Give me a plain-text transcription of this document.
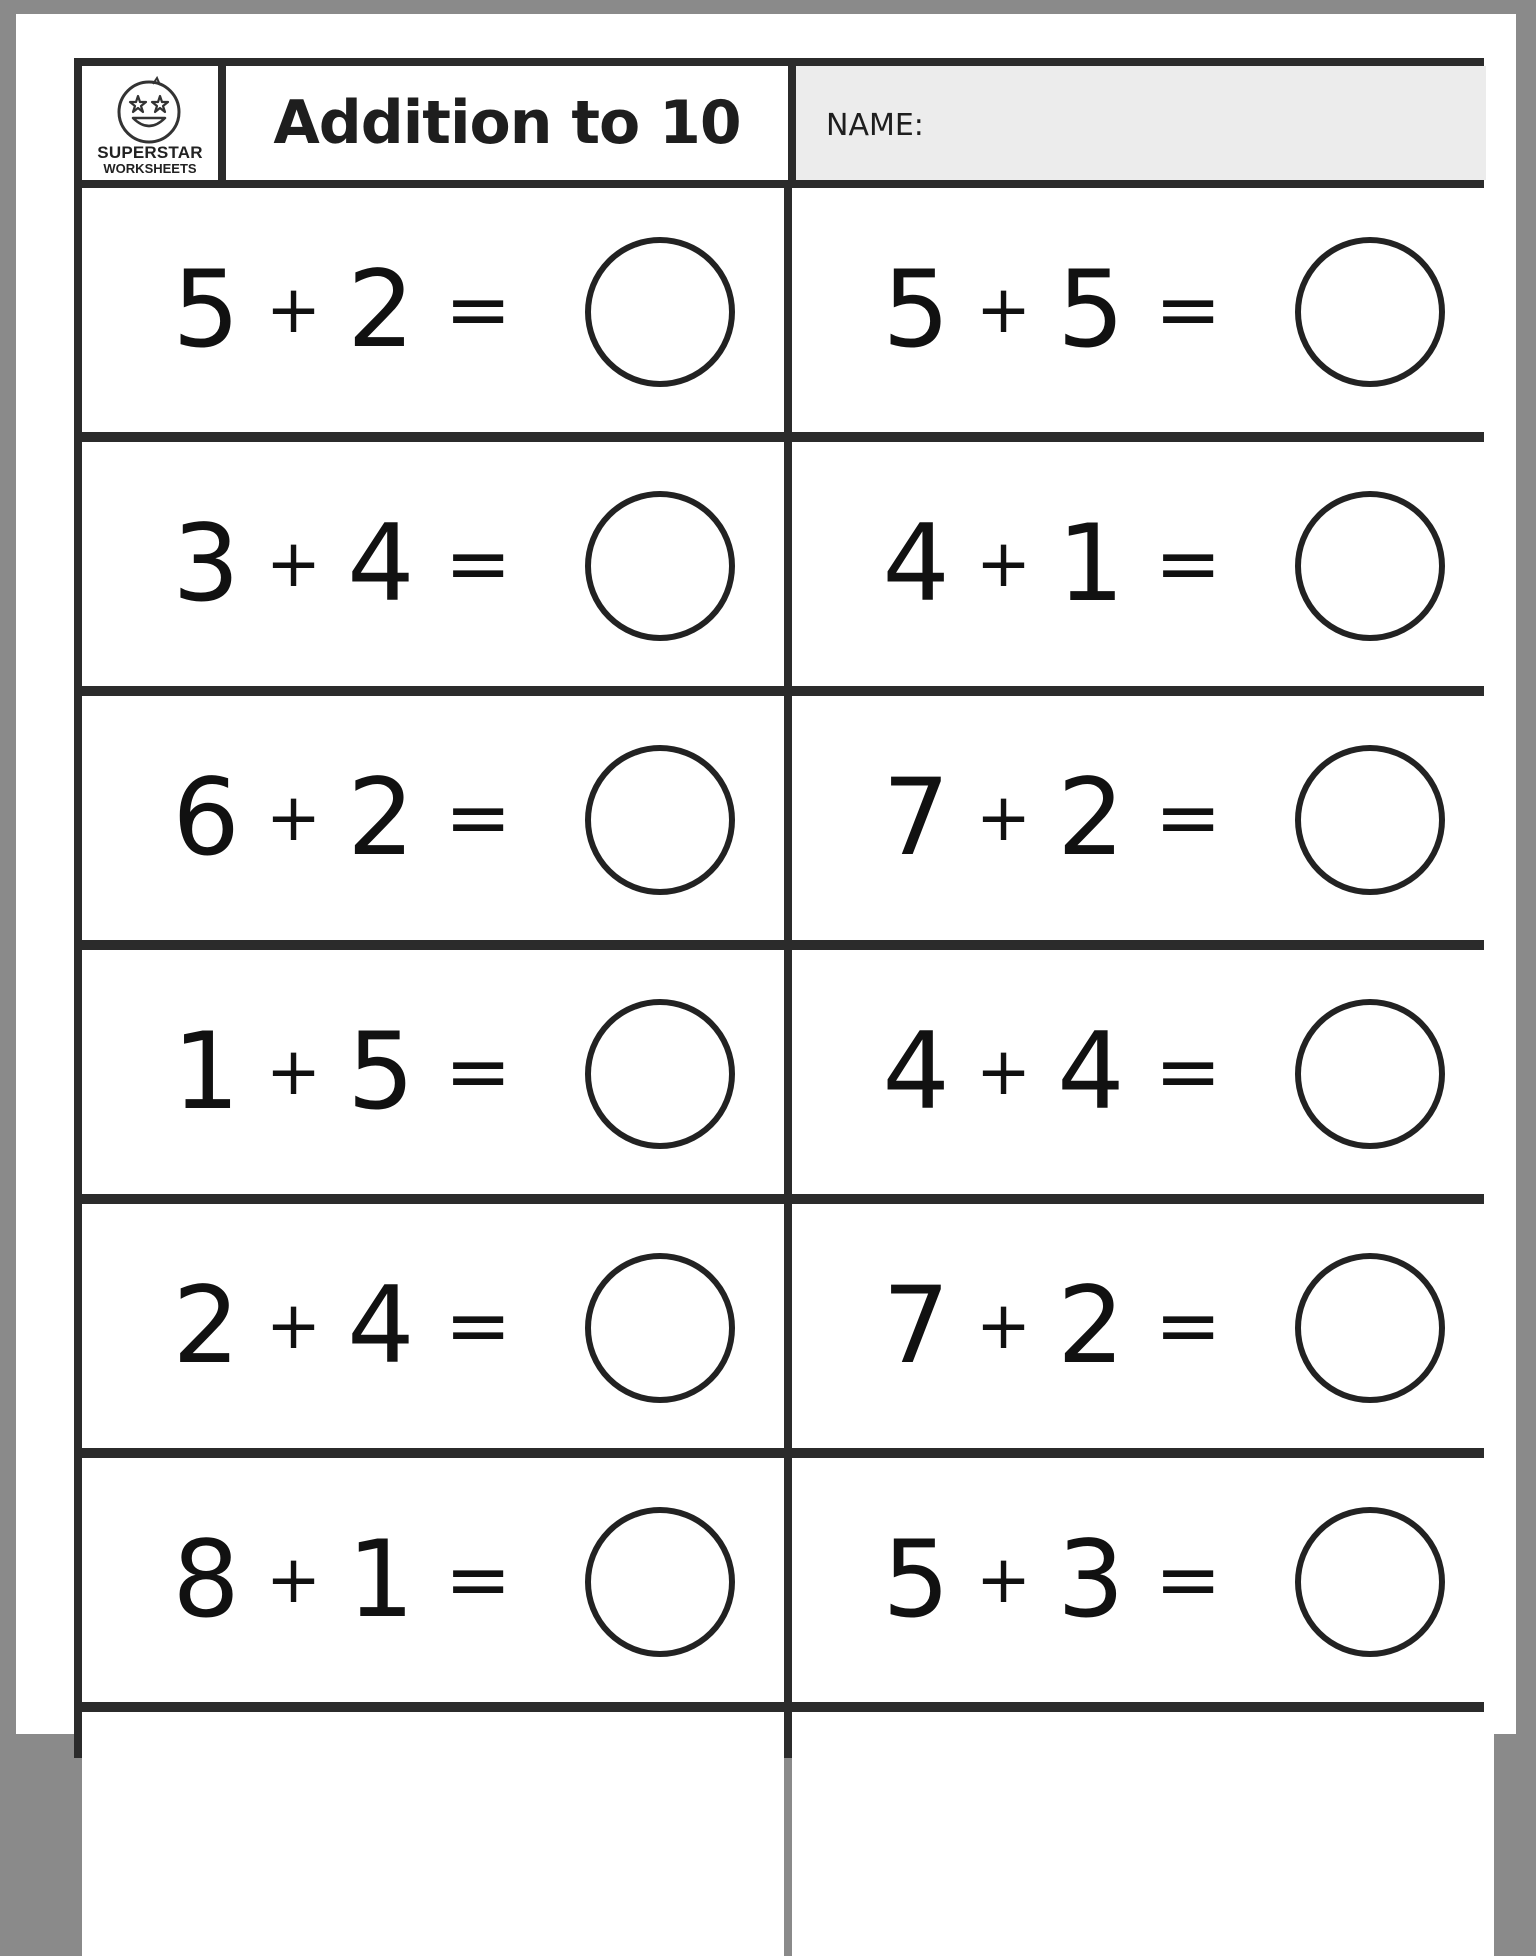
SUPERSTAR
WORKSHEETS
Addition to 10	NAME:
5 + 2 =	5 + 5 =
3 + 4 =	4 + 1 =
6 + 2 =	7 + 2 =
1 + 5 =	4 + 4 =
2 + 4 =	7 + 2 =
8 + 1 =	5 + 3 =
